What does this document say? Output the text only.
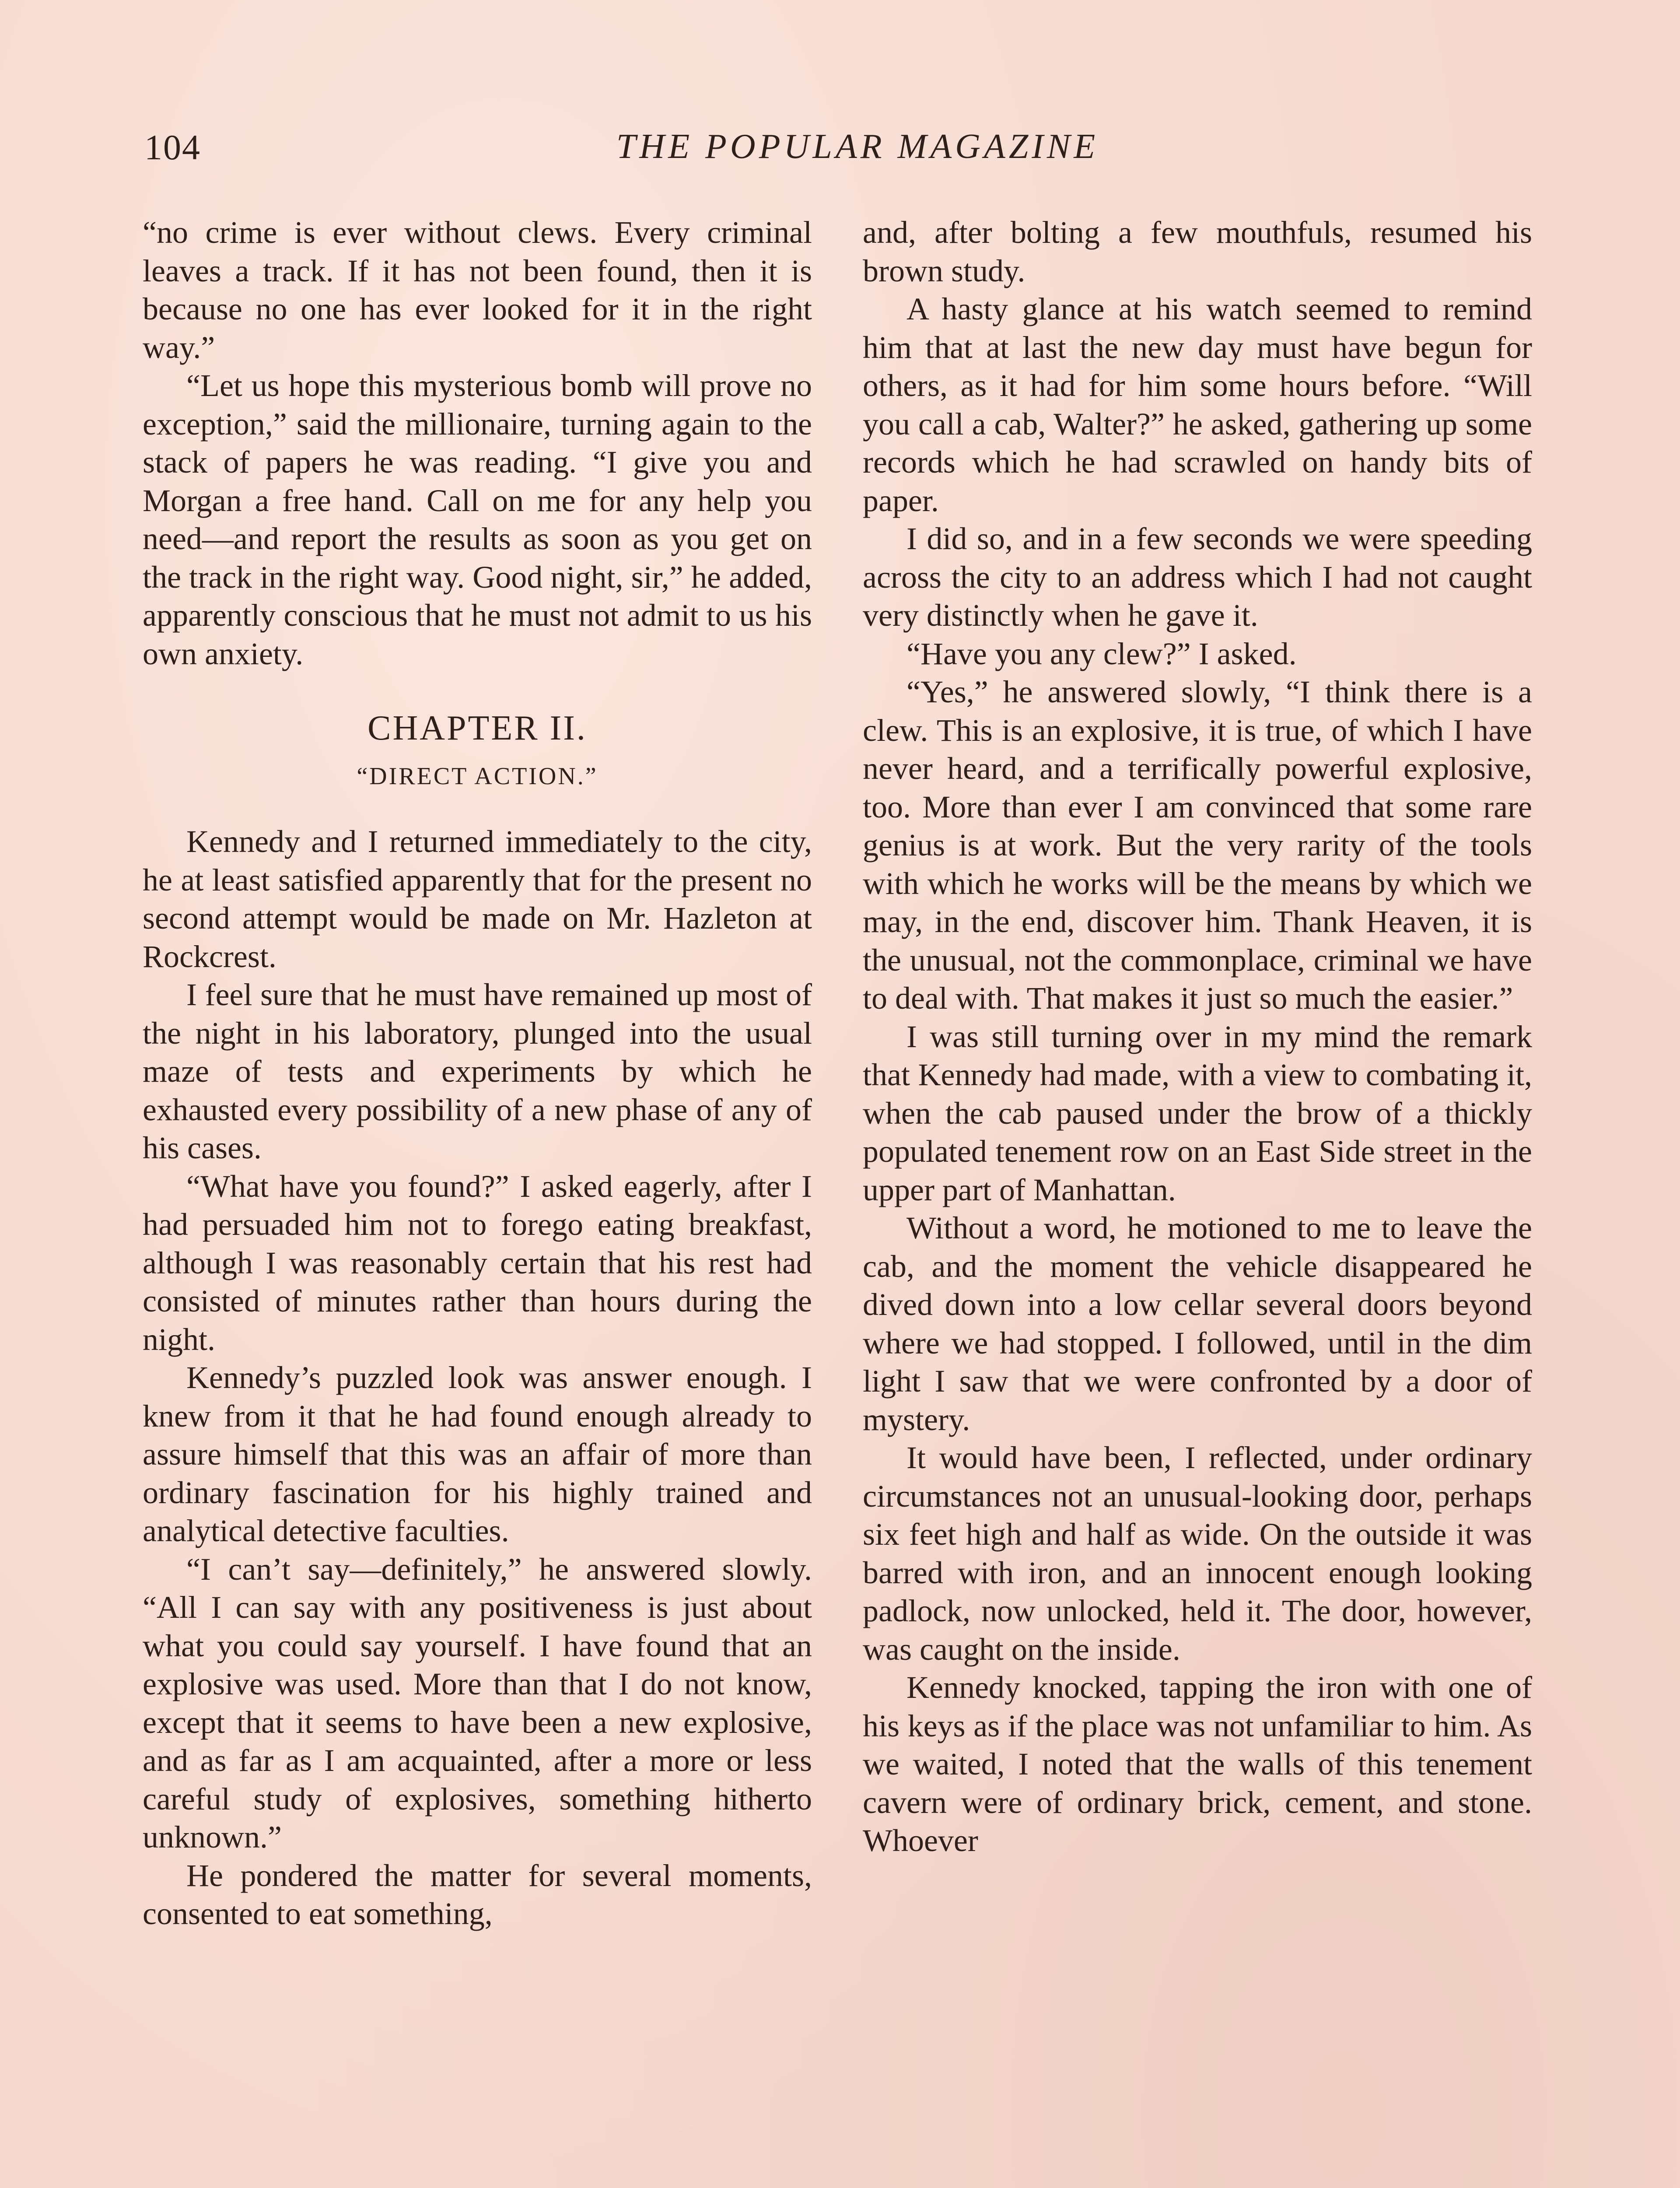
104	THE POPULAR MAGAZINE

“no crime is ever without clews. Every criminal leaves a track. If it has not been found, then it is because no one has ever looked for it in the right way.”

“Let us hope this mysterious bomb will prove no exception,” said the millionaire, turning again to the stack of papers he was reading. “I give you and Morgan a free hand. Call on me for any help you need—and report the results as soon as you get on the track in the right way. Good night, sir,” he added, apparently conscious that he must not admit to us his own anxiety.

CHAPTER II.
“DIRECT ACTION.”

Kennedy and I returned immediately to the city, he at least satisfied apparently that for the present no second attempt would be made on Mr. Hazleton at Rockcrest.

I feel sure that he must have remained up most of the night in his laboratory, plunged into the usual maze of tests and experiments by which he exhausted every possibility of a new phase of any of his cases.

“What have you found?” I asked eagerly, after I had persuaded him not to forego eating breakfast, although I was reasonably certain that his rest had consisted of minutes rather than hours during the night.

Kennedy’s puzzled look was answer enough. I knew from it that he had found enough already to assure himself that this was an affair of more than ordinary fascination for his highly trained and analytical detective faculties.

“I can’t say—definitely,” he answered slowly. “All I can say with any positiveness is just about what you could say yourself. I have found that an explosive was used. More than that I do not know, except that it seems to have been a new explosive, and as far as I am acquainted, after a more or less careful study of explosives, something hitherto unknown.”

He pondered the matter for several moments, consented to eat something,

and, after bolting a few mouthfuls, resumed his brown study.

A hasty glance at his watch seemed to remind him that at last the new day must have begun for others, as it had for him some hours before. “Will you call a cab, Walter?” he asked, gathering up some records which he had scrawled on handy bits of paper.

I did so, and in a few seconds we were speeding across the city to an address which I had not caught very distinctly when he gave it.

“Have you any clew?” I asked.

“Yes,” he answered slowly, “I think there is a clew. This is an explosive, it is true, of which I have never heard, and a terrifically powerful explosive, too. More than ever I am convinced that some rare genius is at work. But the very rarity of the tools with which he works will be the means by which we may, in the end, discover him. Thank Heaven, it is the unusual, not the commonplace, criminal we have to deal with. That makes it just so much the easier.”

I was still turning over in my mind the remark that Kennedy had made, with a view to combating it, when the cab paused under the brow of a thickly populated tenement row on an East Side street in the upper part of Manhattan.

Without a word, he motioned to me to leave the cab, and the moment the vehicle disappeared he dived down into a low cellar several doors beyond where we had stopped. I followed, until in the dim light I saw that we were confronted by a door of mystery.

It would have been, I reflected, under ordinary circumstances not an unusual-looking door, perhaps six feet high and half as wide. On the outside it was barred with iron, and an innocent enough looking padlock, now unlocked, held it. The door, however, was caught on the inside.

Kennedy knocked, tapping the iron with one of his keys as if the place was not unfamiliar to him. As we waited, I noted that the walls of this tenement cavern were of ordinary brick, cement, and stone. Whoever
